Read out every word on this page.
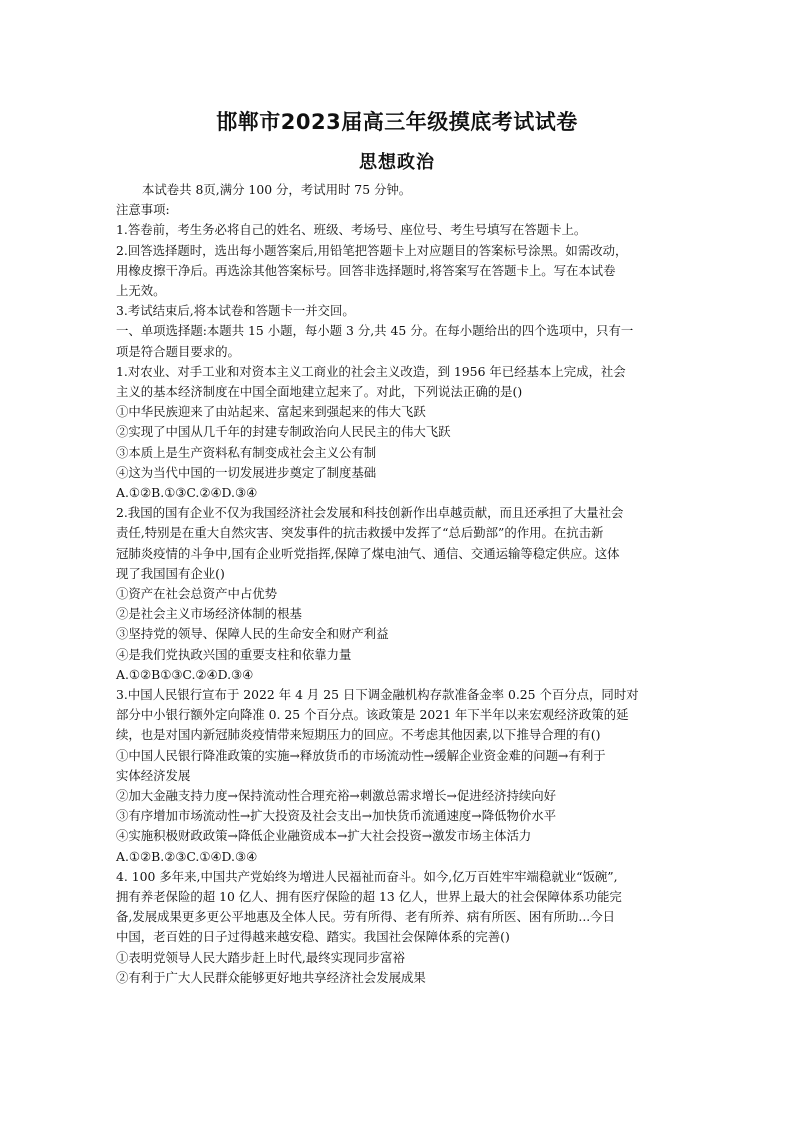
邯郸市2023届高三年级摸底考试试卷
思想政治
本试卷共 8页,满分 100 分，考试用时 75 分钟。
注意事项:
1.答卷前，考生务必将自己的姓名、班级、考场号、座位号、考生号填写在答题卡上。
2.回答选择题时，选出每小题答案后,用铅笔把答题卡上对应题目的答案标号涂黑。如需改动，
用橡皮擦干净后。再选涂其他答案标号。回答非选择题时,将答案写在答题卡上。写在本试卷
上无效。
3.考试结束后,将本试卷和答题卡一并交回。
一、单项选择题:本题共 15 小题，每小题 3 分,共 45 分。在每小题给出的四个选项中，只有一
项是符合题目要求的。
1.对农业、对手工业和对资本主义工商业的社会主义改造，到 1956 年已经基本上完成，社会
主义的基本经济制度在中国全面地建立起来了。对此，下列说法正确的是()
①中华民族迎来了由站起来、富起来到强起来的伟大飞跃
②实现了中国从几千年的封建专制政治向人民民主的伟大飞跃
③本质上是生产资料私有制变成社会主义公有制
④这为当代中国的一切发展进步奠定了制度基础
A.①②B.①③C.②④D.③④
2.我国的国有企业不仅为我国经济社会发展和科技创新作出卓越贡献，而且还承担了大量社会
责任,特别是在重大自然灾害、突发事件的抗击救援中发挥了“总后勤部”的作用。在抗击新
冠肺炎疫情的斗争中,国有企业听党指挥,保障了煤电油气、通信、交通运输等稳定供应。这体
现了我国国有企业()
①资产在社会总资产中占优势
②是社会主义市场经济体制的根基
③坚持党的领导、保障人民的生命安全和财产利益
④是我们党执政兴国的重要支柱和依靠力量
A.①②B①③C.②④D.③④
3.中国人民银行宣布于 2022 年 4 月 25 日下调金融机构存款准备金率 0.25 个百分点，同时对
部分中小银行额外定向降准 0. 25 个百分点。该政策是 2021 年下半年以来宏观经济政策的延
续，也是对国内新冠肺炎疫情带来短期压力的回应。不考虑其他因素,以下推导合理的有()
①中国人民银行降准政策的实施→释放货币的市场流动性→缓解企业资金难的问题→有利于
实体经济发展
②加大金融支持力度→保持流动性合理充裕→刺激总需求增长→促进经济持续向好
③有序增加市场流动性→扩大投资及社会支出→加快货币流通速度→降低物价水平
④实施积极财政政策→降低企业融资成本→扩大社会投资→激发市场主体活力
A.①②B.②③C.①④D.③④
4. 100 多年来,中国共产党始终为增进人民福祉而奋斗。如今,亿万百姓牢牢端稳就业“饭碗”,
拥有养老保险的超 10 亿人、拥有医疗保险的超 13 亿人，世界上最大的社会保障体系功能完
备,发展成果更多更公平地惠及全体人民。劳有所得、老有所养、病有所医、困有所助...今日
中国，老百姓的日子过得越来越安稳、踏实。我国社会保障体系的完善()
①表明党领导人民大踏步赶上时代,最终实现同步富裕
②有利于广大人民群众能够更好地共享经济社会发展成果
